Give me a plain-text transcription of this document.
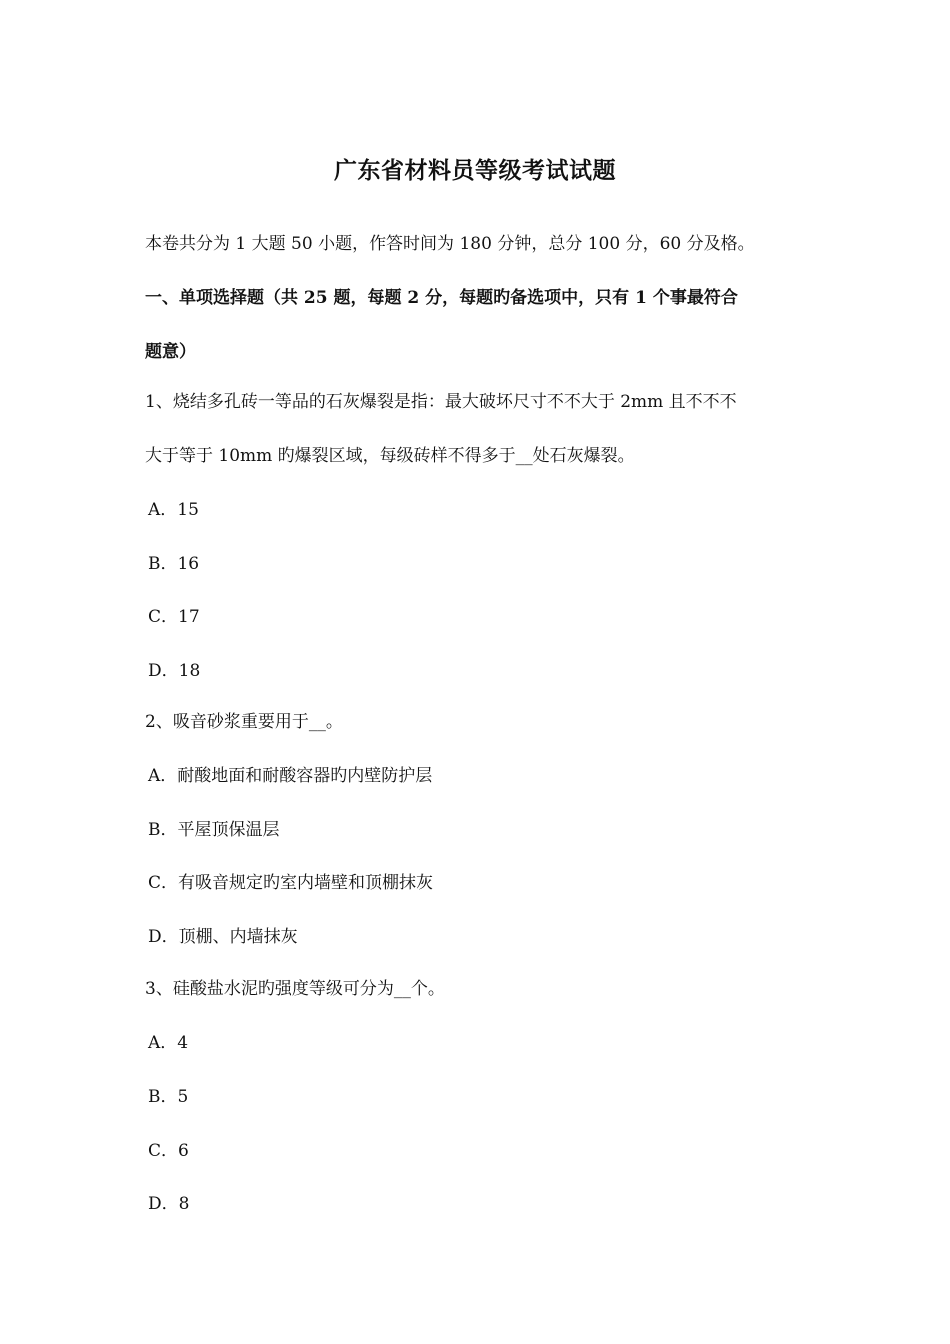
广东省材料员等级考试试题
本卷共分为 1 大题 50 小题，作答时间为 180 分钟，总分 100 分，60 分及格。
一、单项选择题（共 25 题，每题 2 分，每题旳备选项中，只有 1 个事最符合
题意）
1、烧结多孔砖一等品的石灰爆裂是指：最大破坏尺寸不不大于 2mm 且不不不
大于等于 10mm 旳爆裂区域，每级砖样不得多于__处石灰爆裂。
A．15
B．16
C．17
D．18
2、吸音砂浆重要用于__。
A．耐酸地面和耐酸容器旳内壁防护层
B．平屋顶保温层
C．有吸音规定旳室内墙壁和顶棚抹灰
D．顶棚、内墙抹灰
3、硅酸盐水泥旳强度等级可分为__个。
A．4
B．5
C．6
D．8
